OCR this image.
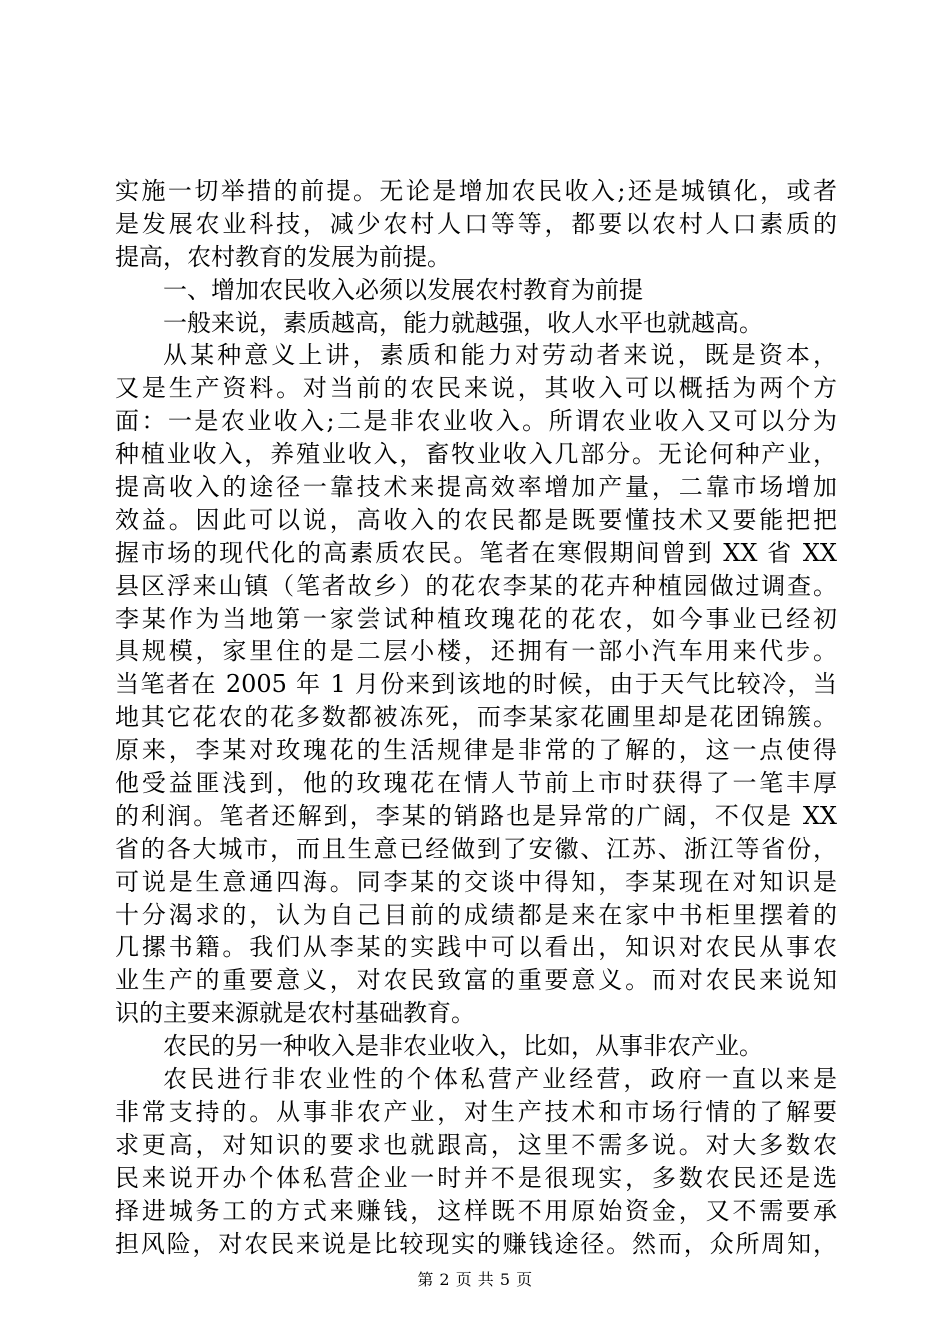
实施一切举措的前提。无论是增加农民收入;还是城镇化，或者
是发展农业科技，减少农村人口等等，都要以农村人口素质的
提高，农村教育的发展为前提。
一、增加农民收入必须以发展农村教育为前提
一般来说，素质越高，能力就越强，收人水平也就越高。
从某种意义上讲，素质和能力对劳动者来说，既是资本，
又是生产资料。对当前的农民来说，其收入可以概括为两个方
面：一是农业收入;二是非农业收入。所谓农业收入又可以分为
种植业收入，养殖业收入，畜牧业收入几部分。无论何种产业，
提高收入的途径一靠技术来提高效率增加产量，二靠市场增加
效益。因此可以说，高收入的农民都是既要懂技术又要能把把
握市场的现代化的高素质农民。笔者在寒假期间曾到 XX 省 XX
县区浮来山镇（笔者故乡）的花农李某的花卉种植园做过调查。
李某作为当地第一家尝试种植玫瑰花的花农，如今事业已经初
具规模，家里住的是二层小楼，还拥有一部小汽车用来代步。
当笔者在 2005 年 1 月份来到该地的时候，由于天气比较冷，当
地其它花农的花多数都被冻死，而李某家花圃里却是花团锦簇。
原来，李某对玫瑰花的生活规律是非常的了解的，这一点使得
他受益匪浅到，他的玫瑰花在情人节前上市时获得了一笔丰厚
的利润。笔者还解到，李某的销路也是异常的广阔，不仅是 XX
省的各大城市，而且生意已经做到了安徽、江苏、浙江等省份，
可说是生意通四海。同李某的交谈中得知，李某现在对知识是
十分渴求的，认为自己目前的成绩都是来在家中书柜里摆着的
几摞书籍。我们从李某的实践中可以看出，知识对农民从事农
业生产的重要意义，对农民致富的重要意义。而对农民来说知
识的主要来源就是农村基础教育。
农民的另一种收入是非农业收入，比如，从事非农产业。
农民进行非农业性的个体私营产业经营，政府一直以来是
非常支持的。从事非农产业，对生产技术和市场行情的了解要
求更高，对知识的要求也就跟高，这里不需多说。对大多数农
民来说开办个体私营企业一时并不是很现实，多数农民还是选
择进城务工的方式来赚钱，这样既不用原始资金，又不需要承
担风险，对农民来说是比较现实的赚钱途径。然而，众所周知，
第 2 页 共 5 页
